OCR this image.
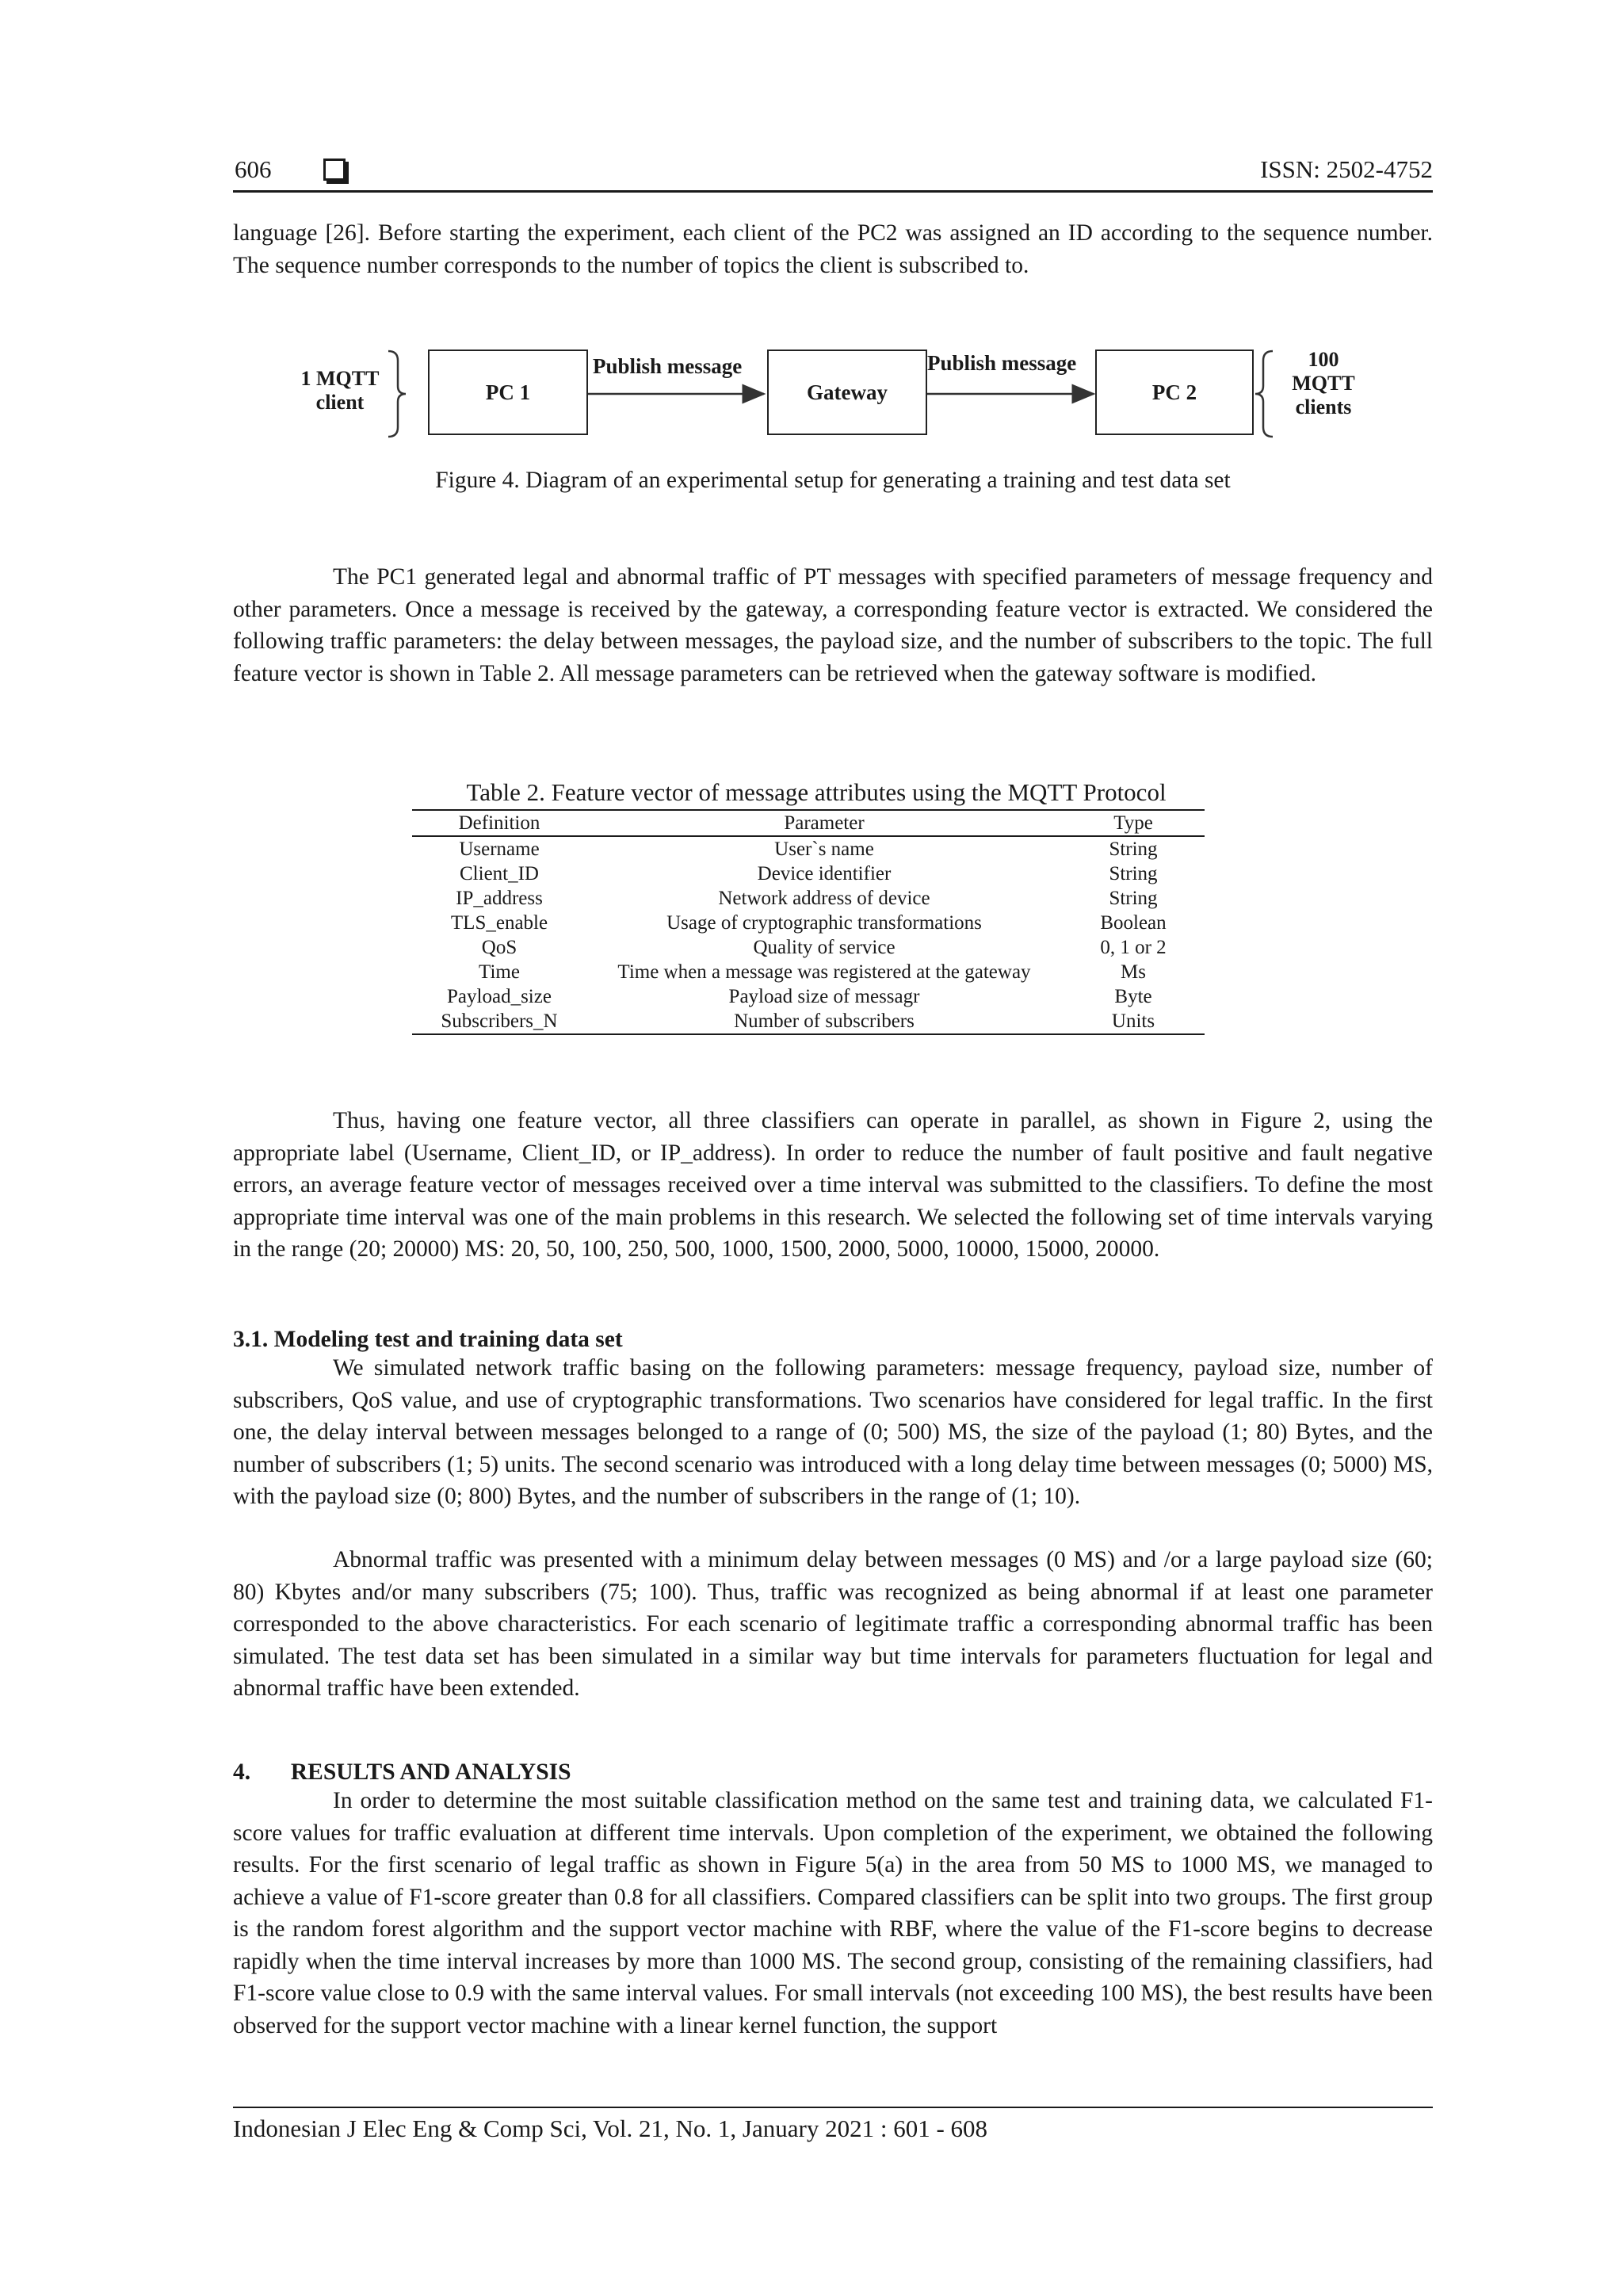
606	ISSN: 2502-4752

language [26]. Before starting the experiment, each client of the PC2 was assigned an ID according to the sequence number. The sequence number corresponds to the number of topics the client is subscribed to.

1 MQTT
client	PC 1
Publish message
Gateway
Publish message
PC 2
100
MQTT
clients
Figure 4. Diagram of an experimental setup for generating a training and test data set

The PC1 generated legal and abnormal traffic of PT messages with specified parameters of message frequency and other parameters. Once a message is received by the gateway, a corresponding feature vector is extracted. We considered the following traffic parameters: the delay between messages, the payload size, and the number of subscribers to the topic. The full feature vector is shown in Table 2. All message parameters can be retrieved when the gateway software is modified.

Table 2. Feature vector of message attributes using the MQTT Protocol
Definition	Parameter	Type
Username	User`s name	String
Client_ID	Device identifier	String
IP_address	Network address of device	String
TLS_enable	Usage of cryptographic transformations	Boolean
QoS	Quality of service	0, 1 or 2
Time	Time when a message was registered at the gateway	Ms
Payload_size	Payload size of messagr	Byte
Subscribers_N	Number of subscribers	Units

Thus, having one feature vector, all three classifiers can operate in parallel, as shown in Figure 2, using the appropriate label (Username, Client_ID, or IP_address). In order to reduce the number of fault positive and fault negative errors, an average feature vector of messages received over a time interval was submitted to the classifiers. To define the most appropriate time interval was one of the main problems in this research. We selected the following set of time intervals varying in the range (20; 20000) MS: 20, 50, 100, 250, 500, 1000, 1500, 2000, 5000, 10000, 15000, 20000.

3.1. Modeling test and training data set

We simulated network traffic basing on the following parameters: message frequency, payload size, number of subscribers, QoS value, and use of cryptographic transformations. Two scenarios have considered for legal traffic. In the first one, the delay interval between messages belonged to a range of (0; 500) MS, the size of the payload (1; 80) Bytes, and the number of subscribers (1; 5) units. The second scenario was introduced with a long delay time between messages (0; 5000) MS, with the payload size (0; 800) Bytes, and the number of subscribers in the range of (1; 10).

Abnormal traffic was presented with a minimum delay between messages (0 MS) and /or a large payload size (60; 80) Kbytes and/or many subscribers (75; 100). Thus, traffic was recognized as being abnormal if at least one parameter corresponded to the above characteristics. For each scenario of legitimate traffic a corresponding abnormal traffic has been simulated. The test data set has been simulated in a similar way but time intervals for parameters fluctuation for legal and abnormal traffic have been extended.

4. RESULTS AND ANALYSIS

In order to determine the most suitable classification method on the same test and training data, we calculated F1-score values for traffic evaluation at different time intervals. Upon completion of the experiment, we obtained the following results. For the first scenario of legal traffic as shown in Figure 5(a) in the area from 50 MS to 1000 MS, we managed to achieve a value of F1-score greater than 0.8 for all classifiers. Compared classifiers can be split into two groups. The first group is the random forest algorithm and the support vector machine with RBF, where the value of the F1-score begins to decrease rapidly when the time interval increases by more than 1000 MS. The second group, consisting of the remaining classifiers, had F1-score value close to 0.9 with the same interval values. For small intervals (not exceeding 100 MS), the best results have been observed for the support vector machine with a linear kernel function, the support

Indonesian J Elec Eng & Comp Sci, Vol. 21, No. 1, January 2021 : 601 - 608
